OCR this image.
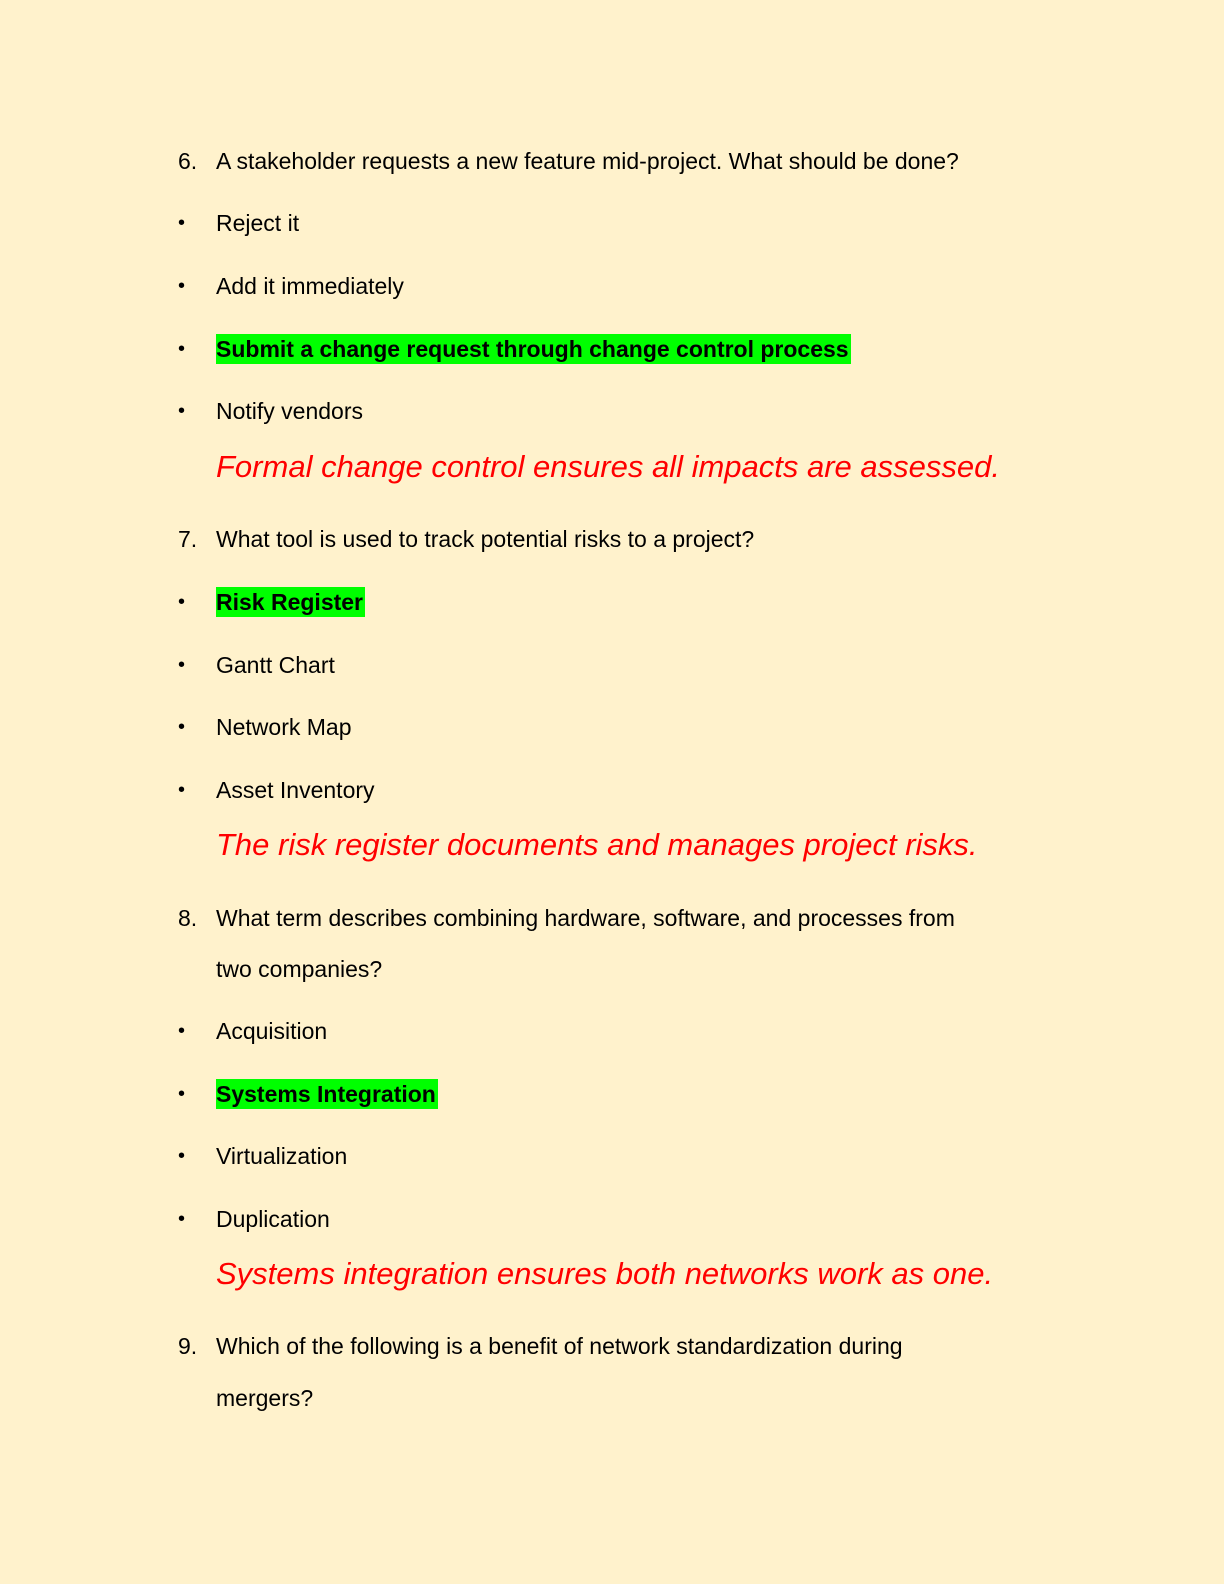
6. A stakeholder requests a new feature mid-project. What should be done?
• Reject it
• Add it immediately
• Submit a change request through change control process
• Notify vendors
Formal change control ensures all impacts are assessed.
7. What tool is used to track potential risks to a project?
• Risk Register
• Gantt Chart
• Network Map
• Asset Inventory
The risk register documents and manages project risks.
8. What term describes combining hardware, software, and processes from
two companies?
• Acquisition
• Systems Integration
• Virtualization
• Duplication
Systems integration ensures both networks work as one.
9. Which of the following is a benefit of network standardization during
mergers?
